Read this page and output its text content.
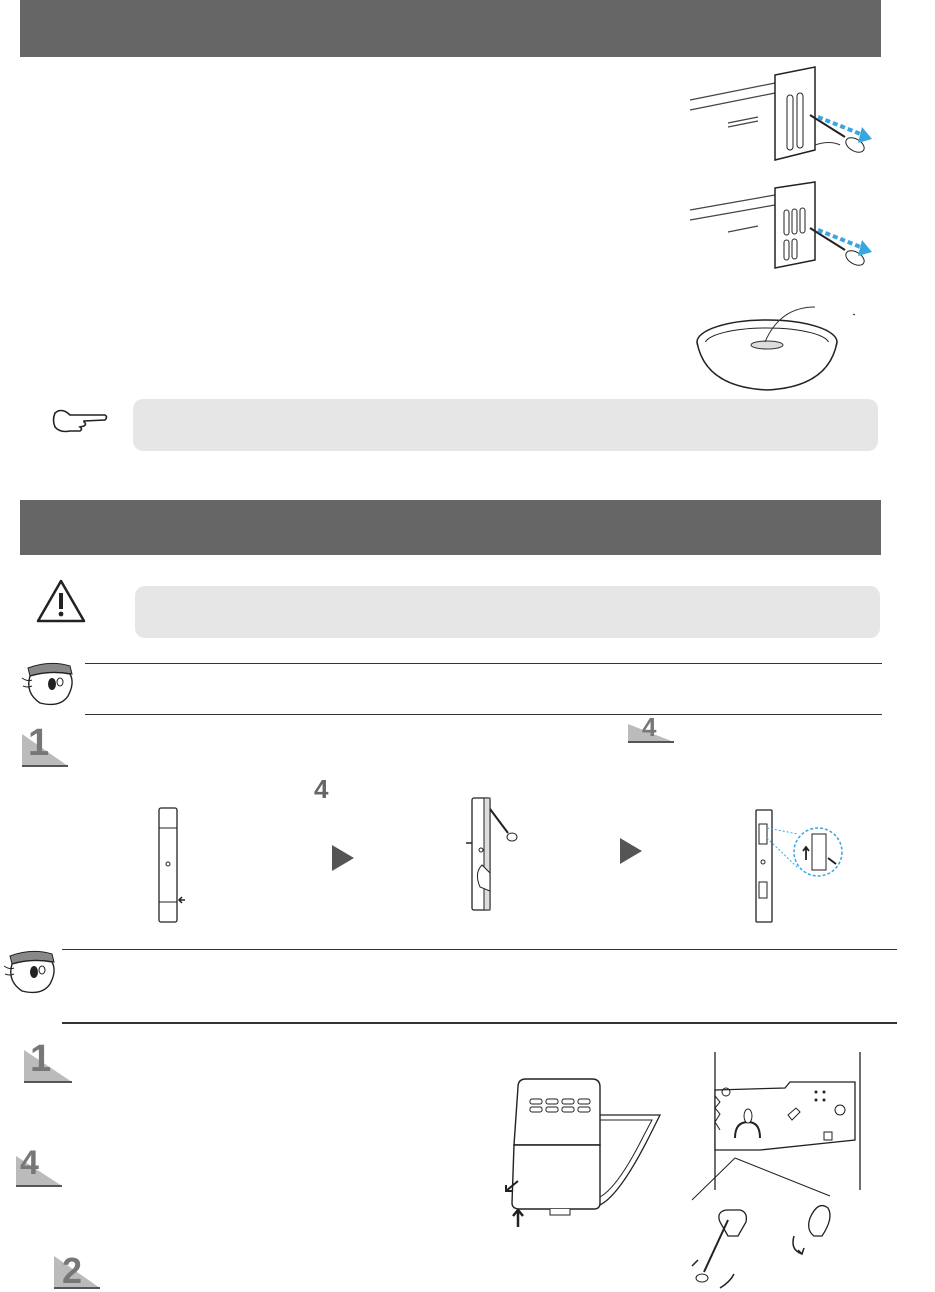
1	4
4
1
4
2
